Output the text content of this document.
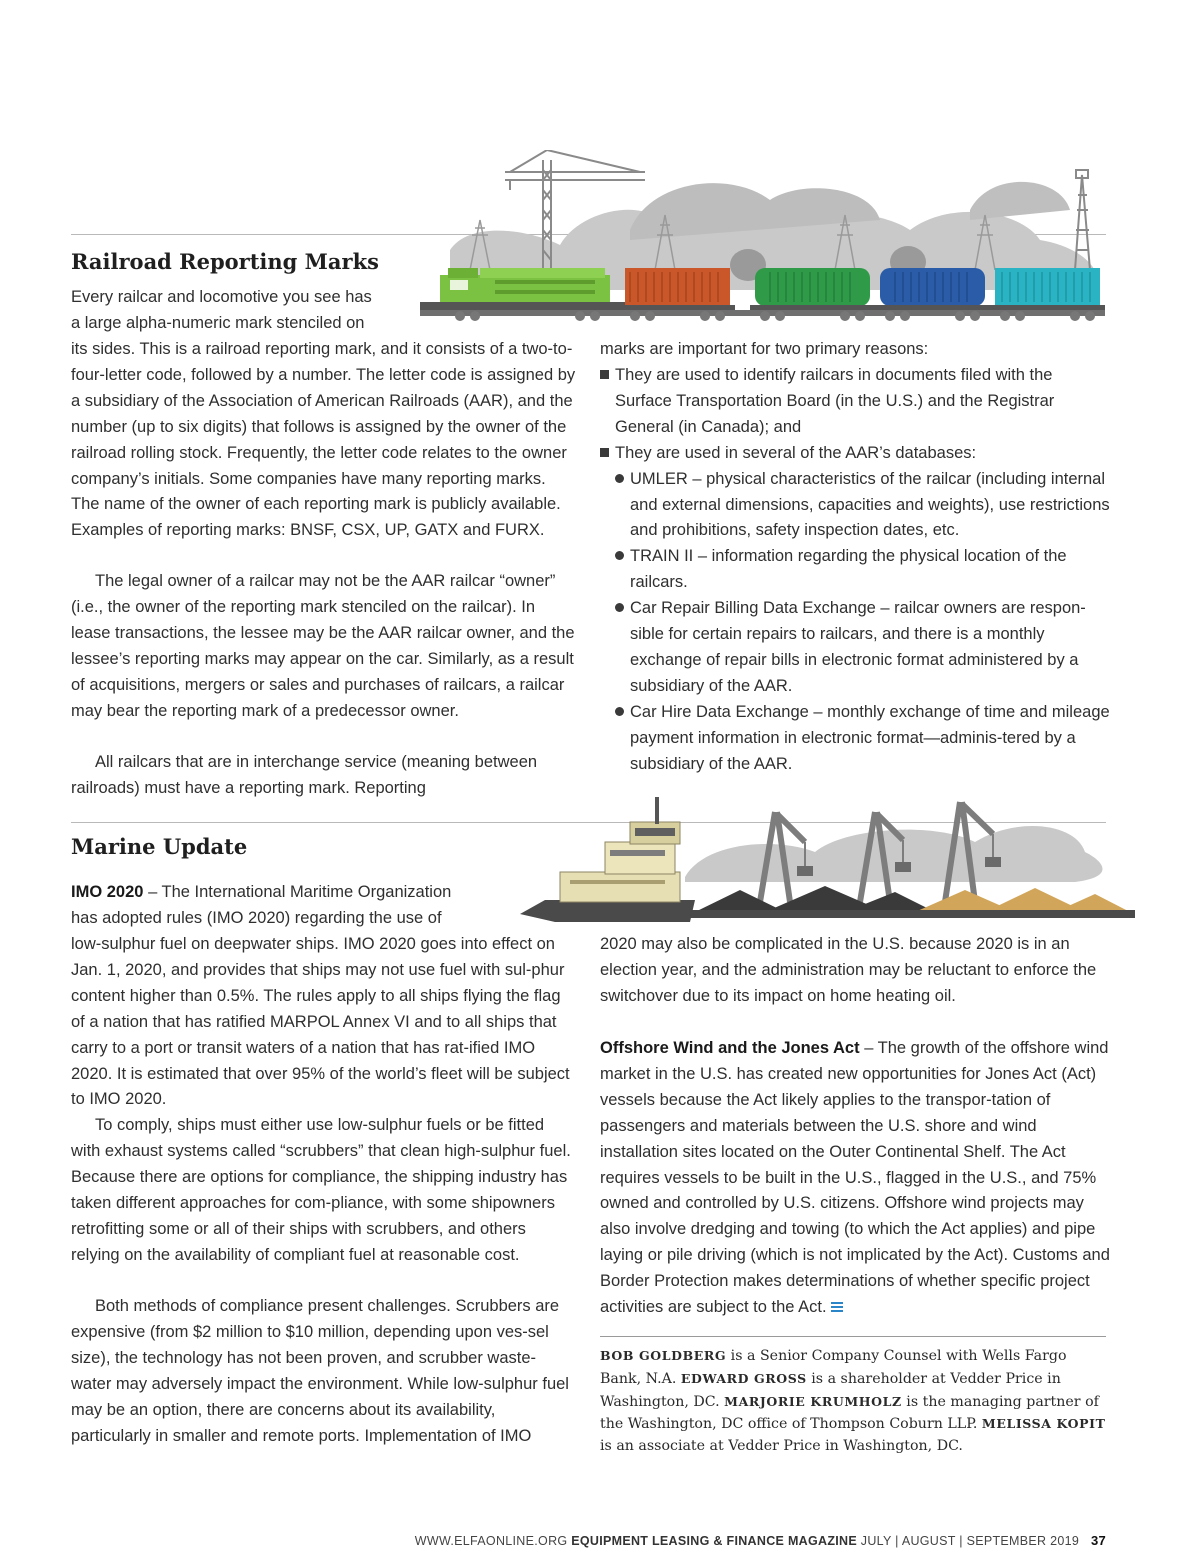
Railroad Reporting Marks

Every railcar and locomotive you see has

a large alpha-numeric mark stenciled on

its sides. This is a railroad reporting mark, and it consists of a two-to-four-letter code, followed by a number. The letter code is assigned by a subsidiary of the Association of American Railroads (AAR), and the number (up to six digits) that follows is assigned by the owner of the railroad rolling stock. Frequently, the letter code relates to the owner company’s initials. Some companies have many reporting marks. The name of the owner of each reporting mark is publicly available. Examples of reporting marks: BNSF, CSX, UP, GATX and FURX.

The legal owner of a railcar may not be the AAR railcar “owner” (i.e., the owner of the reporting mark stenciled on the railcar). In lease transactions, the lessee may be the AAR railcar owner, and the lessee’s reporting marks may appear on the car. Similarly, as a result of acquisitions, mergers or sales and purchases of railcars, a railcar may bear the reporting mark of a predecessor owner.

All railcars that are in interchange service (meaning between railroads) must have a reporting mark. Reporting

marks are important for two primary reasons:

They are used to identify railcars in documents filed with the Surface Transportation Board (in the U.S.) and the Registrar General (in Canada); and
They are used in several of the AAR’s databases:
UMLER – physical characteristics of the railcar (including internal and external dimensions, capacities and weights), use restrictions and prohibitions, safety inspection dates, etc.
TRAIN II – information regarding the physical location of the railcars.
Car Repair Billing Data Exchange – railcar owners are respon-sible for certain repairs to railcars, and there is a monthly exchange of repair bills in electronic format administered by a subsidiary of the AAR.
Car Hire Data Exchange – monthly exchange of time and mileage payment information in electronic format—adminis-tered by a subsidiary of the AAR.
Marine Update

IMO 2020 – The International Maritime Organization

has adopted rules (IMO 2020) regarding the use of

low-sulphur fuel on deepwater ships. IMO 2020 goes into effect on Jan. 1, 2020, and provides that ships may not use fuel with sul-phur content higher than 0.5%. The rules apply to all ships flying the flag of a nation that has ratified MARPOL Annex VI and to all ships that carry to a port or transit waters of a nation that has rat-ified IMO 2020. It is estimated that over 95% of the world’s fleet will be subject to IMO 2020.

To comply, ships must either use low-sulphur fuels or be fitted with exhaust systems called “scrubbers” that clean high-sulphur fuel. Because there are options for compliance, the shipping industry has taken different approaches for com-pliance, with some shipowners retrofitting some or all of their ships with scrubbers, and others relying on the availability of compliant fuel at reasonable cost.

Both methods of compliance present challenges. Scrubbers are expensive (from $2 million to $10 million, depending upon ves-sel size), the technology has not been proven, and scrubber waste-water may adversely impact the environment. While low-sulphur fuel may be an option, there are concerns about its availability, particularly in smaller and remote ports. Implementation of IMO

2020 may also be complicated in the U.S. because 2020 is in an election year, and the administration may be reluctant to enforce the switchover due to its impact on home heating oil.

Offshore Wind and the Jones Act – The growth of the offshore wind market in the U.S. has created new opportunities for Jones Act (Act) vessels because the Act likely applies to the transpor-tation of passengers and materials between the U.S. shore and wind installation sites located on the Outer Continental Shelf. The Act requires vessels to be built in the U.S., flagged in the U.S., and 75% owned and controlled by U.S. citizens. Offshore wind projects may also involve dredging and towing (to which the Act applies) and pipe laying or pile driving (which is not implicated by the Act). Customs and Border Protection makes determinations of whether specific project activities are subject to the Act.

BOB GOLDBERG is a Senior Company Counsel with Wells Fargo Bank, N.A. EDWARD GROSS is a shareholder at Vedder Price in Washington, DC. MARJORIE KRUMHOLZ is the managing partner of the Washington, DC office of Thompson Coburn LLP. MELISSA KOPIT is an associate at Vedder Price in Washington, DC.

WWW.ELFAONLINE.ORG EQUIPMENT LEASING & FINANCE MAGAZINE JULY | AUGUST | SEPTEMBER 2019 37
